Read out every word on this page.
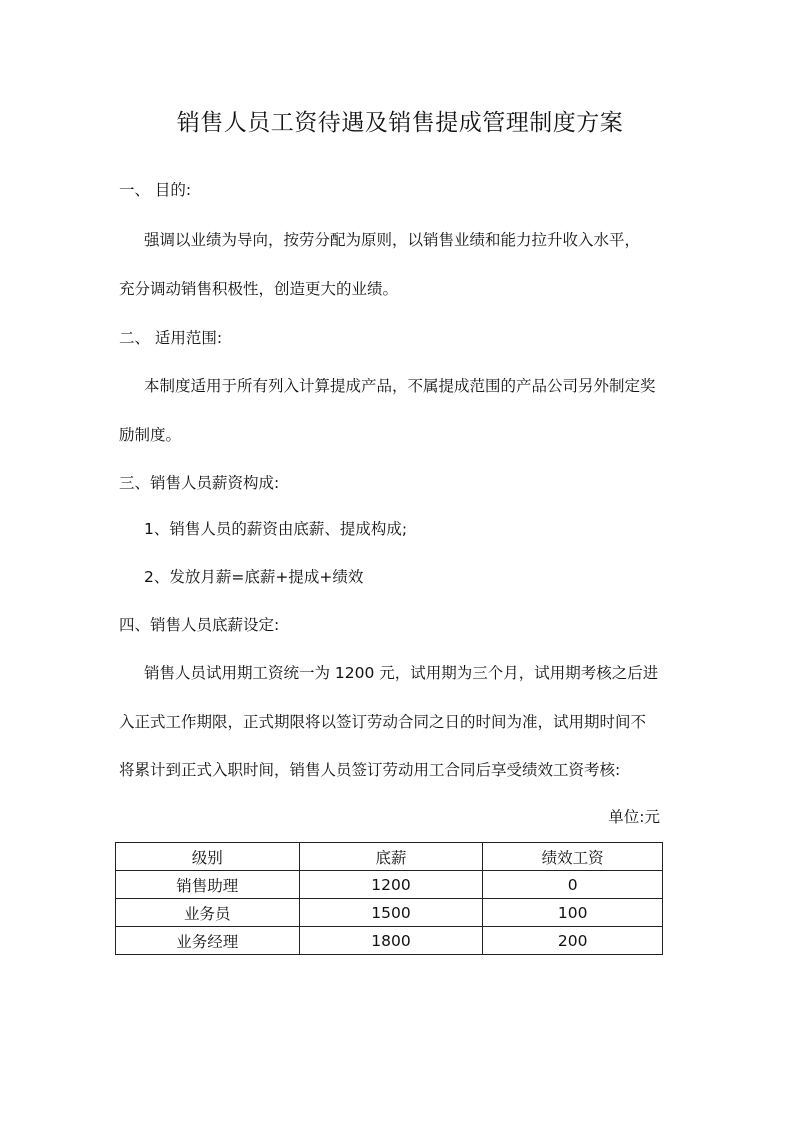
销售人员工资待遇及销售提成管理制度方案
一、 目的:
强调以业绩为导向，按劳分配为原则，以销售业绩和能力拉升收入水平，
充分调动销售积极性，创造更大的业绩。
二、 适用范围:
本制度适用于所有列入计算提成产品，不属提成范围的产品公司另外制定奖
励制度。
三、销售人员薪资构成:
1、销售人员的薪资由底薪、提成构成;
2、发放月薪=底薪+提成+绩效
四、销售人员底薪设定:
销售人员试用期工资统一为 1200 元，试用期为三个月，试用期考核之后进
入正式工作期限，正式期限将以签订劳动合同之日的时间为准，试用期时间不
将累计到正式入职时间，销售人员签订劳动用工合同后享受绩效工资考核:
单位:元
级别	底薪	绩效工资
销售助理	1200	0
业务员	1500	100
业务经理	1800	200
